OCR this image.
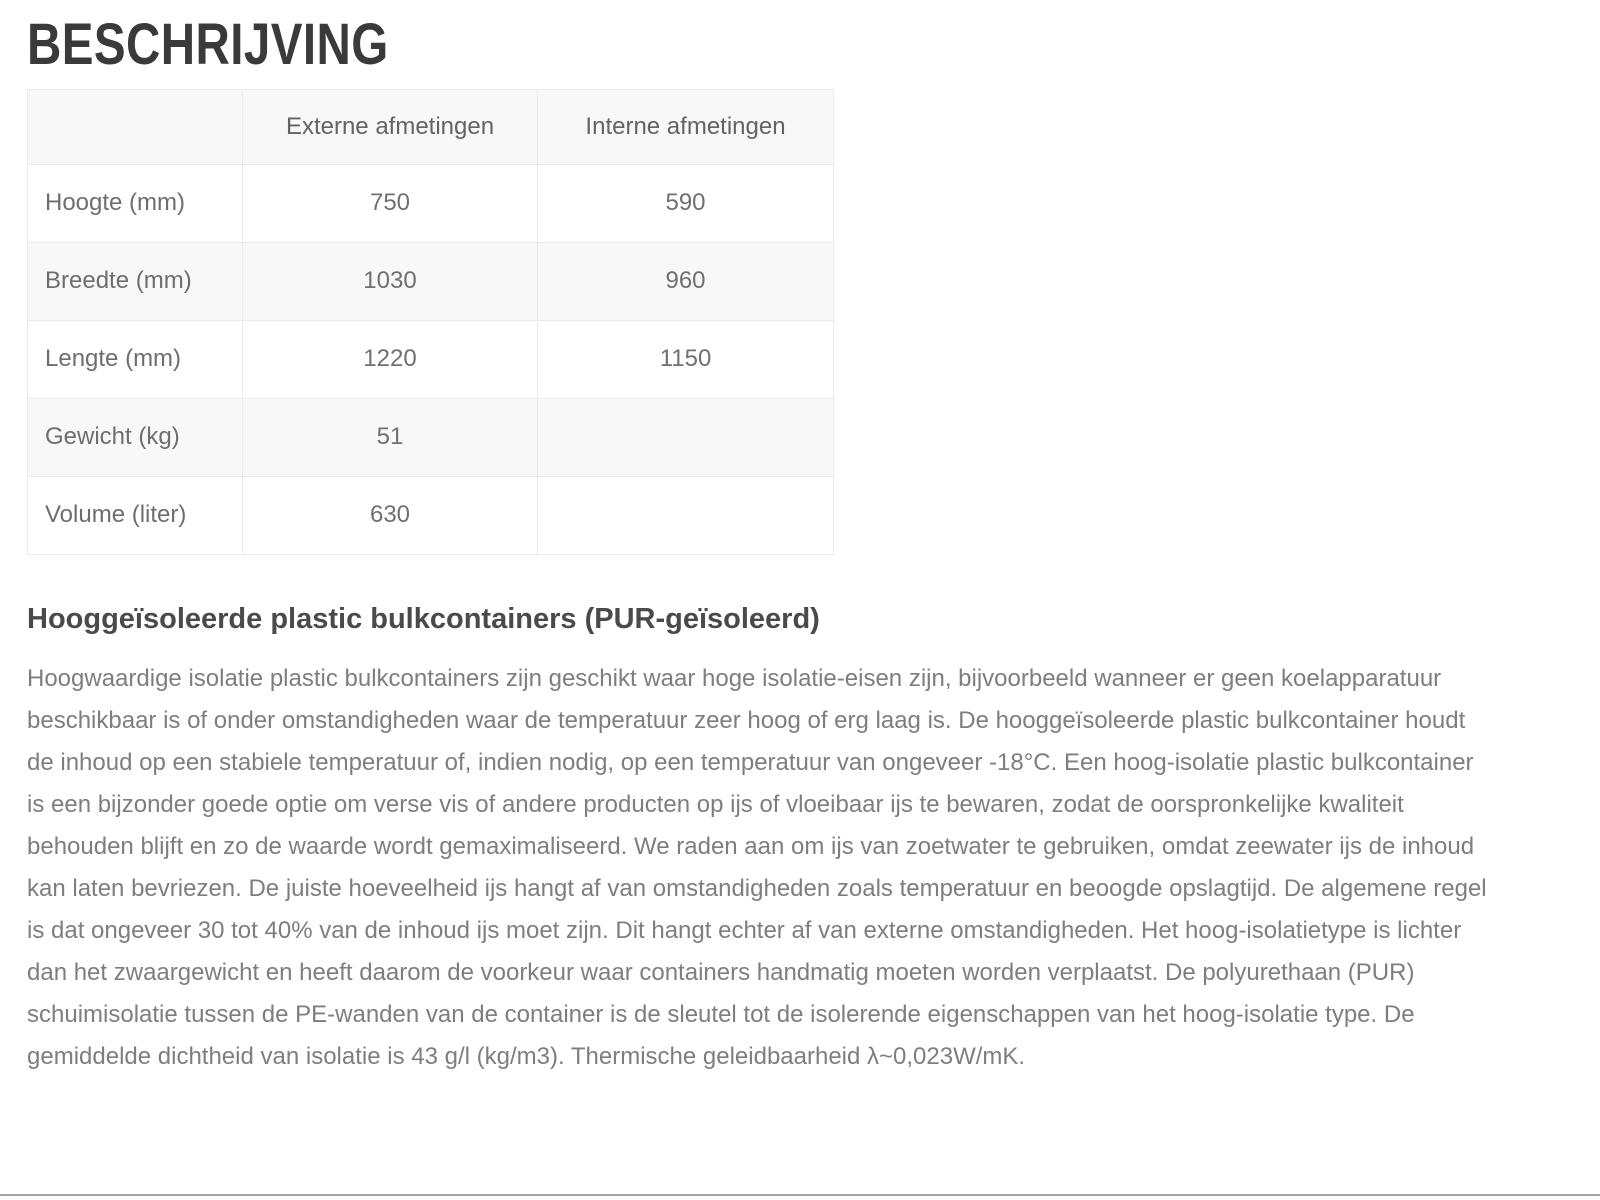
BESCHRIJVING
	Externe afmetingen	Interne afmetingen
Hoogte (mm)	750	590
Breedte (mm)	1030	960
Lengte (mm)	1220	1150
Gewicht (kg)	51	
Volume (liter)	630	
Hooggeïsoleerde plastic bulkcontainers (PUR-geïsoleerd)

Hoogwaardige isolatie plastic bulkcontainers zijn geschikt waar hoge isolatie-eisen zijn, bijvoorbeeld wanneer er geen koelapparatuur beschikbaar is of onder omstandigheden waar de temperatuur zeer hoog of erg laag is. De hooggeïsoleerde plastic bulkcontainer houdt de inhoud op een stabiele temperatuur of, indien nodig, op een temperatuur van ongeveer -18°C. Een hoog-isolatie plastic bulkcontainer is een bijzonder goede optie om verse vis of andere producten op ijs of vloeibaar ijs te bewaren, zodat de oorspronkelijke kwaliteit behouden blijft en zo de waarde wordt gemaximaliseerd. We raden aan om ijs van zoetwater te gebruiken, omdat zeewater ijs de inhoud kan laten bevriezen. De juiste hoeveelheid ijs hangt af van omstandigheden zoals temperatuur en beoogde opslagtijd. De algemene regel is dat ongeveer 30 tot 40% van de inhoud ijs moet zijn. Dit hangt echter af van externe omstandigheden. Het hoog-isolatietype is lichter dan het zwaargewicht en heeft daarom de voorkeur waar containers handmatig moeten worden verplaatst. De polyurethaan (PUR) schuimisolatie tussen de PE-wanden van de container is de sleutel tot de isolerende eigenschappen van het hoog-isolatie type. De gemiddelde dichtheid van isolatie is 43 g/l (kg/m3). Thermische geleidbaarheid λ~0,023W/mK.
